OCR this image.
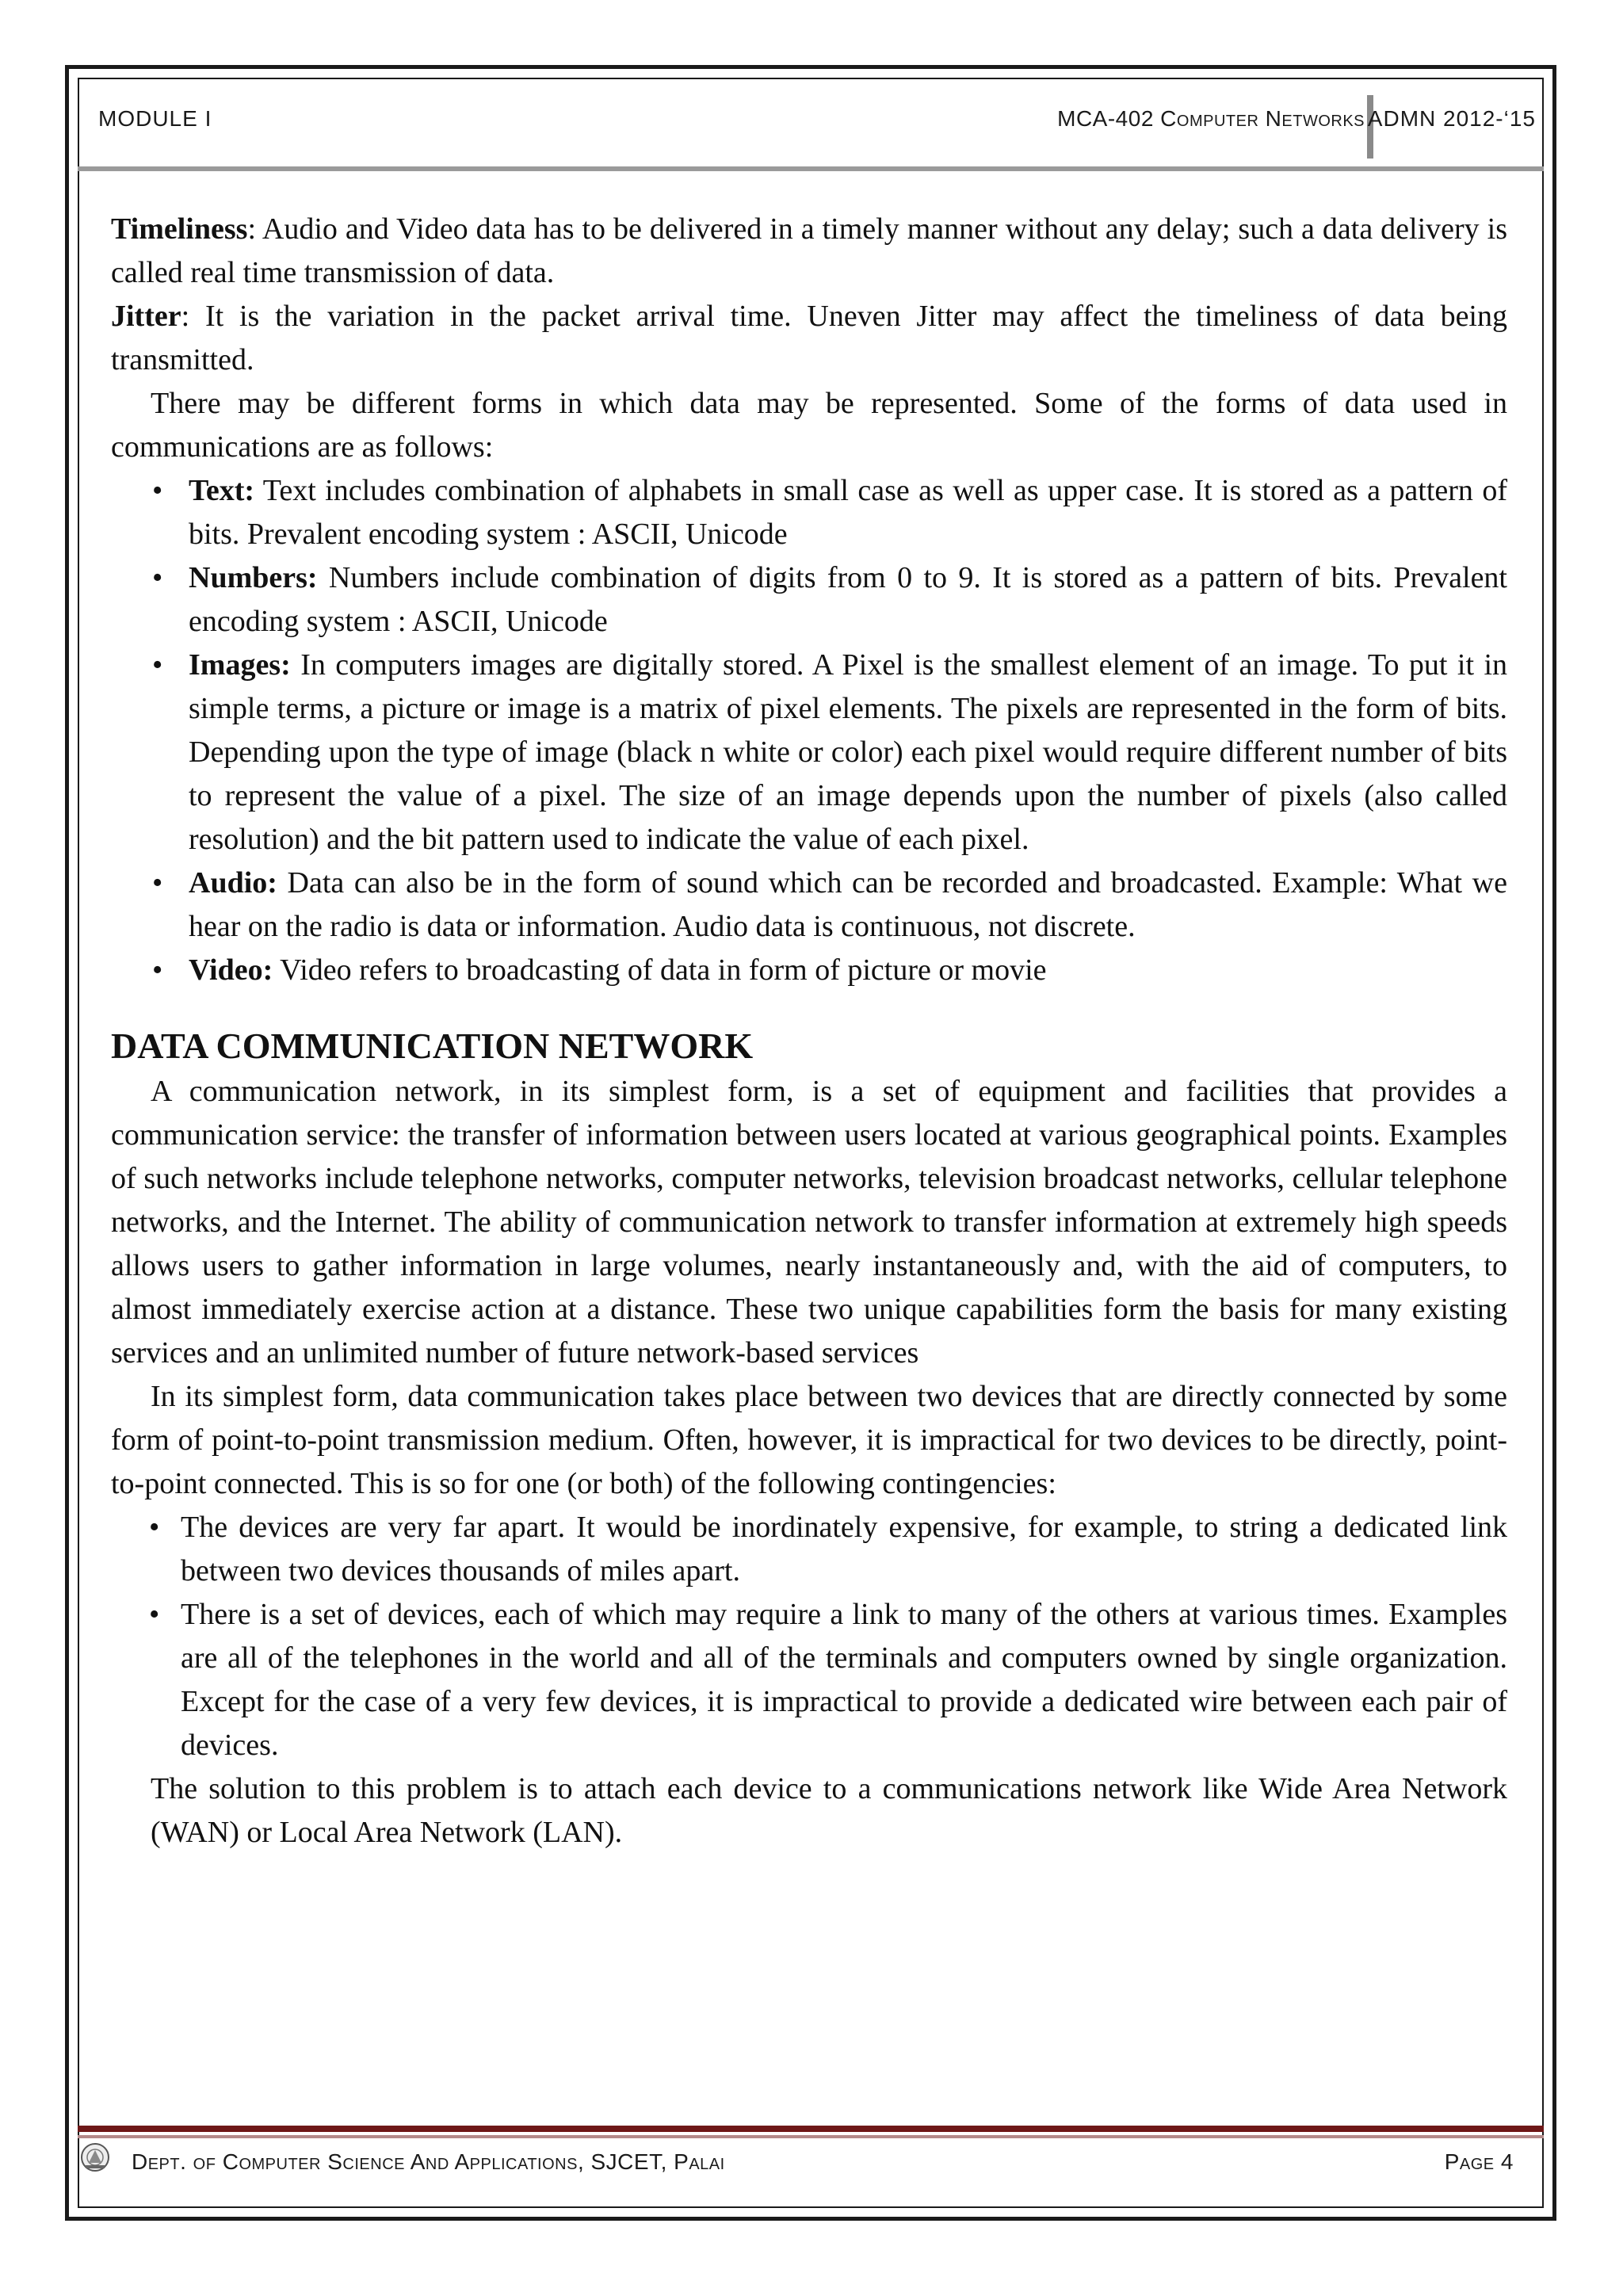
MODULE I	MCA-402 Computer Networks ADMN 2012-‘15

Timeliness: Audio and Video data has to be delivered in a timely manner without any delay; such a data delivery is called real time transmission of data.

Jitter: It is the variation in the packet arrival time. Uneven Jitter may affect the timeliness of data being transmitted.

There may be different forms in which data may be represented. Some of the forms of data used in communications are as follows:

• Text: Text includes combination of alphabets in small case as well as upper case. It is stored as a pattern of bits. Prevalent encoding system : ASCII, Unicode
• Numbers: Numbers include combination of digits from 0 to 9. It is stored as a pattern of bits. Prevalent encoding system : ASCII, Unicode
• Images: In computers images are digitally stored. A Pixel is the smallest element of an image. To put it in simple terms, a picture or image is a matrix of pixel elements. The pixels are represented in the form of bits. Depending upon the type of image (black n white or color) each pixel would require different number of bits to represent the value of a pixel. The size of an image depends upon the number of pixels (also called resolution) and the bit pattern used to indicate the value of each pixel.
• Audio: Data can also be in the form of sound which can be recorded and broadcasted. Example: What we hear on the radio is data or information. Audio data is continuous, not discrete.
• Video: Video refers to broadcasting of data in form of picture or movie

DATA COMMUNICATION NETWORK

A communication network, in its simplest form, is a set of equipment and facilities that provides a communication service: the transfer of information between users located at various geographical points. Examples of such networks include telephone networks, computer networks, television broadcast networks, cellular telephone networks, and the Internet. The ability of communication network to transfer information at extremely high speeds allows users to gather information in large volumes, nearly instantaneously and, with the aid of computers, to almost immediately exercise action at a distance. These two unique capabilities form the basis for many existing services and an unlimited number of future network-based services

In its simplest form, data communication takes place between two devices that are directly connected by some form of point-to-point transmission medium. Often, however, it is impractical for two devices to be directly, point-to-point connected. This is so for one (or both) of the following contingencies:

• The devices are very far apart. It would be inordinately expensive, for example, to string a dedicated link between two devices thousands of miles apart.
• There is a set of devices, each of which may require a link to many of the others at various times. Examples are all of the telephones in the world and all of the terminals and computers owned by single organization. Except for the case of a very few devices, it is impractical to provide a dedicated wire between each pair of devices.

The solution to this problem is to attach each device to a communications network like Wide Area Network (WAN) or Local Area Network (LAN).

Dept. of Computer Science And Applications, SJCET, Palai	Page 4
